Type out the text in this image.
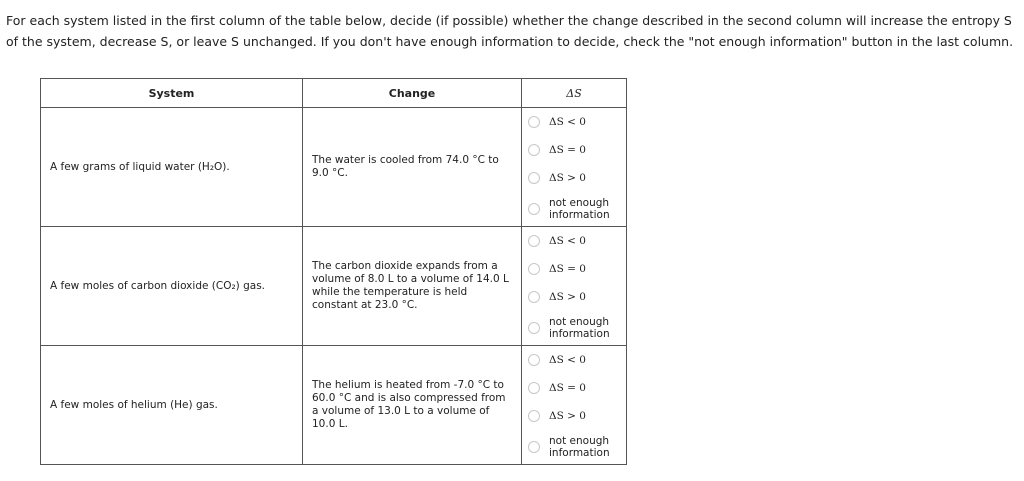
For each system listed in the first column of the table below, decide (if possible) whether the change described in the second column will increase the entropy S of the system, decrease S, or leave S unchanged. If you don't have enough information to decide, check the "not enough information" button in the last column.

System	Change	ΔS
A few grams of liquid water (H₂O).	The water is cooled from 74.0 °C to 9.0 °C.	ΔS < 0
ΔS = 0
ΔS > 0
not enough information

A few moles of carbon dioxide (CO₂) gas.	The carbon dioxide expands from a volume of 8.0 L to a volume of 14.0 L while the temperature is held constant at 23.0 °C.	ΔS < 0
ΔS = 0
ΔS > 0
not enough information

A few moles of helium (He) gas.	The helium is heated from -7.0 °C to 60.0 °C and is also compressed from a volume of 13.0 L to a volume of 10.0 L.	ΔS < 0
ΔS = 0
ΔS > 0
not enough information
